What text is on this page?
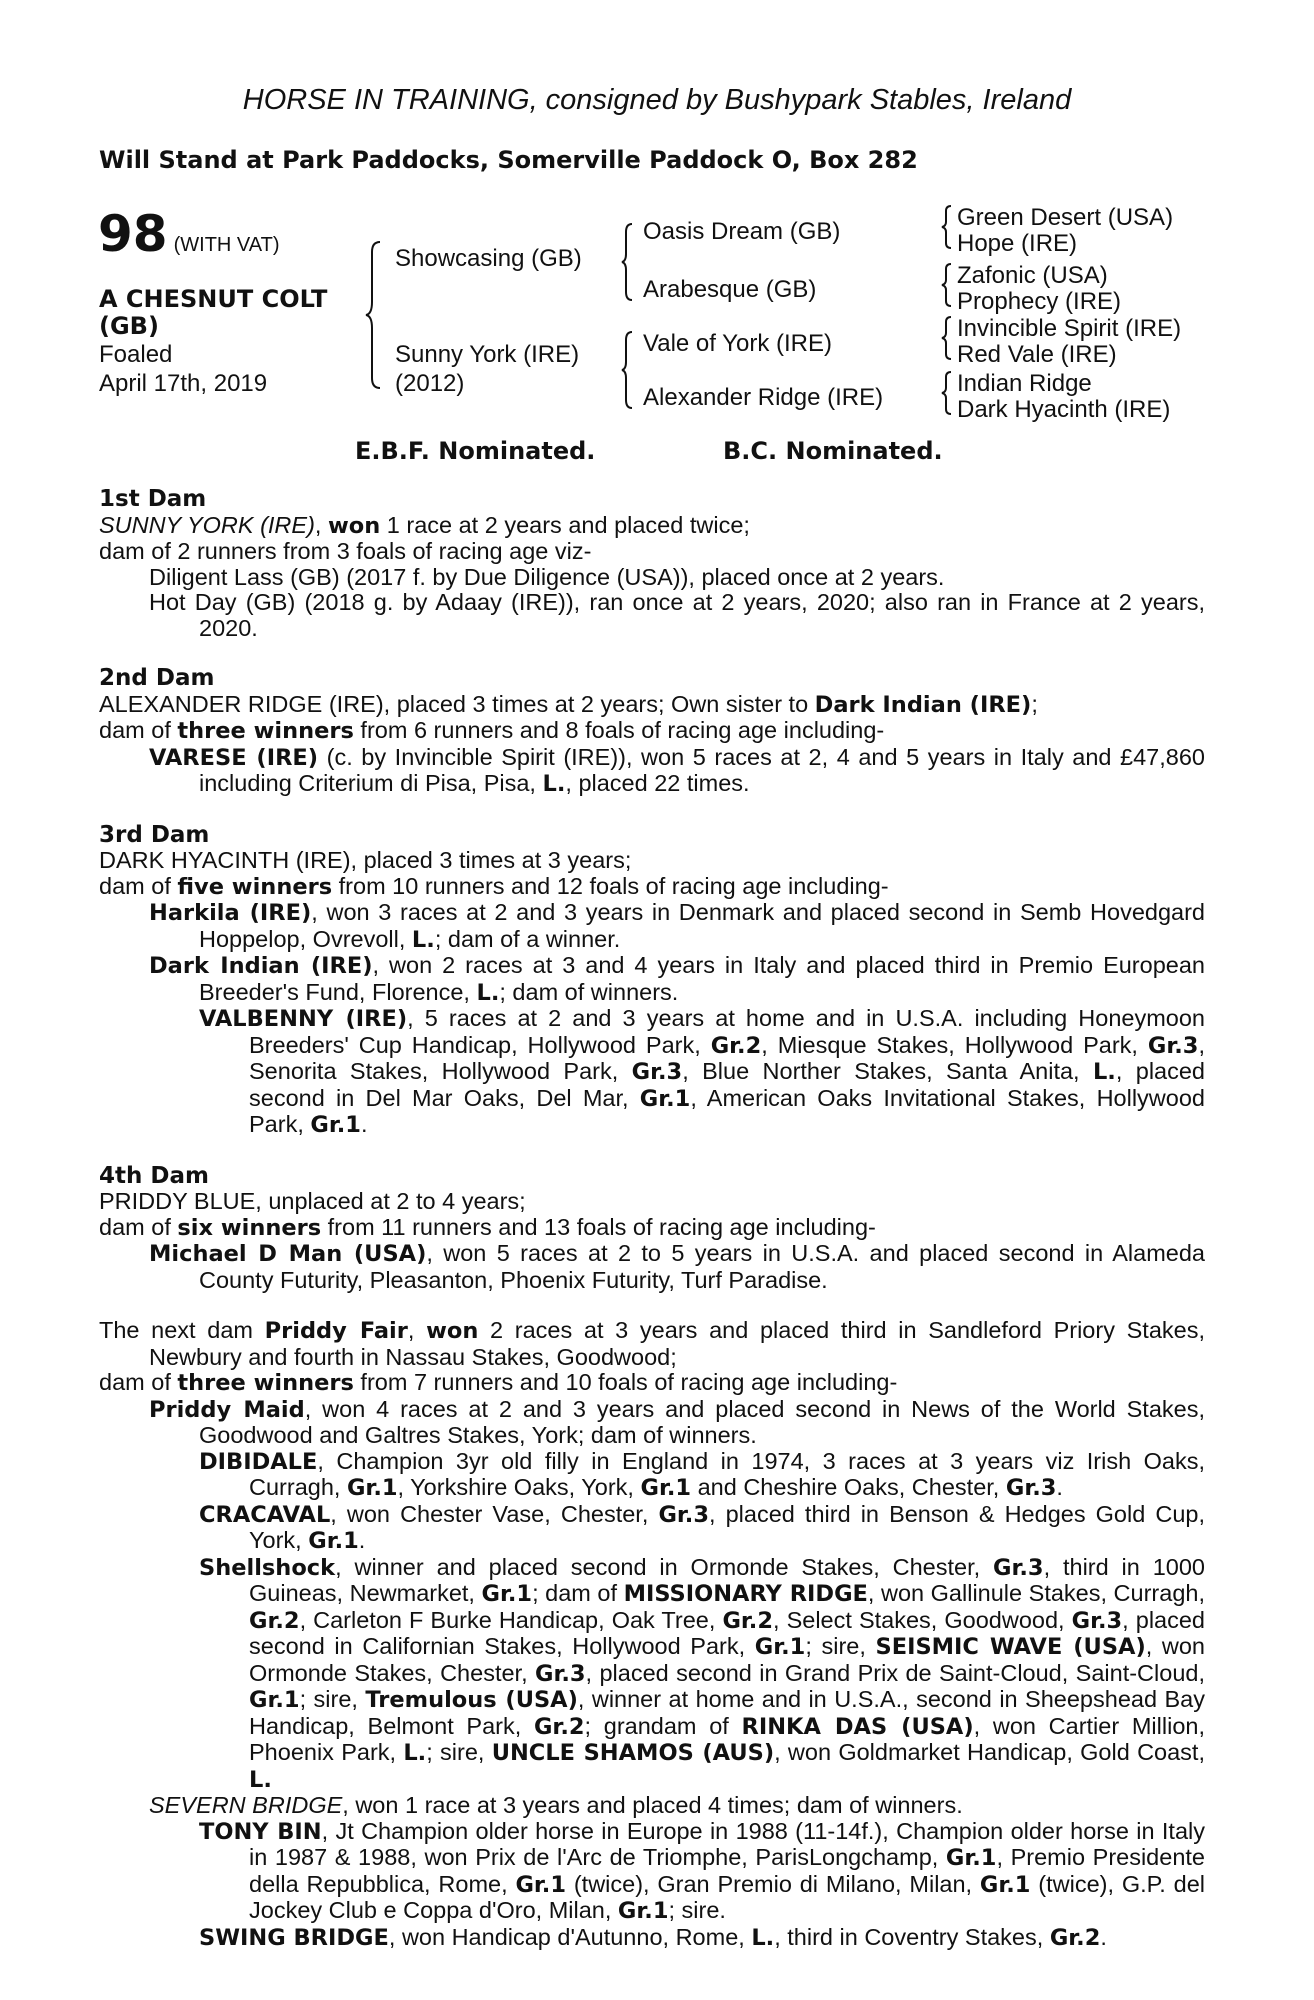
HORSE IN TRAINING, consigned by Bushypark Stables, Ireland
Will Stand at Park Paddocks, Somerville Paddock O, Box 282
98 (WITH VAT)
A CHESNUT COLT
(GB)
Foaled
April 17th, 2019
Showcasing (GB)
Sunny York (IRE)
(2012)
Oasis Dream (GB)
Arabesque (GB)
Vale of York (IRE)
Alexander Ridge (IRE)
Green Desert (USA)
Hope (IRE)
Zafonic (USA)
Prophecy (IRE)
Invincible Spirit (IRE)
Red Vale (IRE)
Indian Ridge
Dark Hyacinth (IRE)
E.B.F. Nominated.	B.C. Nominated.
1st Dam
SUNNY YORK (IRE), won 1 race at 2 years and placed twice;
dam of 2 runners from 3 foals of racing age viz-
Diligent Lass (GB) (2017 f. by Due Diligence (USA)), placed once at 2 years.
Hot Day (GB) (2018 g. by Adaay (IRE)), ran once at 2 years, 2020; also ran in France at 2 years, 2020.
2nd Dam
ALEXANDER RIDGE (IRE), placed 3 times at 2 years; Own sister to Dark Indian (IRE);
dam of three winners from 6 runners and 8 foals of racing age including-
VARESE (IRE) (c. by Invincible Spirit (IRE)), won 5 races at 2, 4 and 5 years in Italy and £47,860 including Criterium di Pisa, Pisa, L., placed 22 times.
3rd Dam
DARK HYACINTH (IRE), placed 3 times at 3 years;
dam of five winners from 10 runners and 12 foals of racing age including-
Harkila (IRE), won 3 races at 2 and 3 years in Denmark and placed second in Semb Hovedgard Hoppelop, Ovrevoll, L.; dam of a winner.
Dark Indian (IRE), won 2 races at 3 and 4 years in Italy and placed third in Premio European Breeder's Fund, Florence, L.; dam of winners.
VALBENNY (IRE), 5 races at 2 and 3 years at home and in U.S.A. including Honeymoon Breeders' Cup Handicap, Hollywood Park, Gr.2, Miesque Stakes, Hollywood Park, Gr.3, Senorita Stakes, Hollywood Park, Gr.3, Blue Norther Stakes, Santa Anita, L., placed second in Del Mar Oaks, Del Mar, Gr.1, American Oaks Invitational Stakes, Hollywood Park, Gr.1.
4th Dam
PRIDDY BLUE, unplaced at 2 to 4 years;
dam of six winners from 11 runners and 13 foals of racing age including-
Michael D Man (USA), won 5 races at 2 to 5 years in U.S.A. and placed second in Alameda County Futurity, Pleasanton, Phoenix Futurity, Turf Paradise.
The next dam Priddy Fair, won 2 races at 3 years and placed third in Sandleford Priory Stakes, Newbury and fourth in Nassau Stakes, Goodwood;
dam of three winners from 7 runners and 10 foals of racing age including-
Priddy Maid, won 4 races at 2 and 3 years and placed second in News of the World Stakes, Goodwood and Galtres Stakes, York; dam of winners.
DIBIDALE, Champion 3yr old filly in England in 1974, 3 races at 3 years viz Irish Oaks, Curragh, Gr.1, Yorkshire Oaks, York, Gr.1 and Cheshire Oaks, Chester, Gr.3.
CRACAVAL, won Chester Vase, Chester, Gr.3, placed third in Benson & Hedges Gold Cup, York, Gr.1.
Shellshock, winner and placed second in Ormonde Stakes, Chester, Gr.3, third in 1000 Guineas, Newmarket, Gr.1; dam of MISSIONARY RIDGE, won Gallinule Stakes, Curragh, Gr.2, Carleton F Burke Handicap, Oak Tree, Gr.2, Select Stakes, Goodwood, Gr.3, placed second in Californian Stakes, Hollywood Park, Gr.1; sire, SEISMIC WAVE (USA), won Ormonde Stakes, Chester, Gr.3, placed second in Grand Prix de Saint-Cloud, Saint-Cloud, Gr.1; sire, Tremulous (USA), winner at home and in U.S.A., second in Sheepshead Bay Handicap, Belmont Park, Gr.2; grandam of RINKA DAS (USA), won Cartier Million, Phoenix Park, L.; sire, UNCLE SHAMOS (AUS), won Goldmarket Handicap, Gold Coast, L.
SEVERN BRIDGE, won 1 race at 3 years and placed 4 times; dam of winners.
TONY BIN, Jt Champion older horse in Europe in 1988 (11-14f.), Champion older horse in Italy in 1987 & 1988, won Prix de l'Arc de Triomphe, ParisLongchamp, Gr.1, Premio Presidente della Repubblica, Rome, Gr.1 (twice), Gran Premio di Milano, Milan, Gr.1 (twice), G.P. del Jockey Club e Coppa d'Oro, Milan, Gr.1; sire.
SWING BRIDGE, won Handicap d'Autunno, Rome, L., third in Coventry Stakes, Gr.2.
